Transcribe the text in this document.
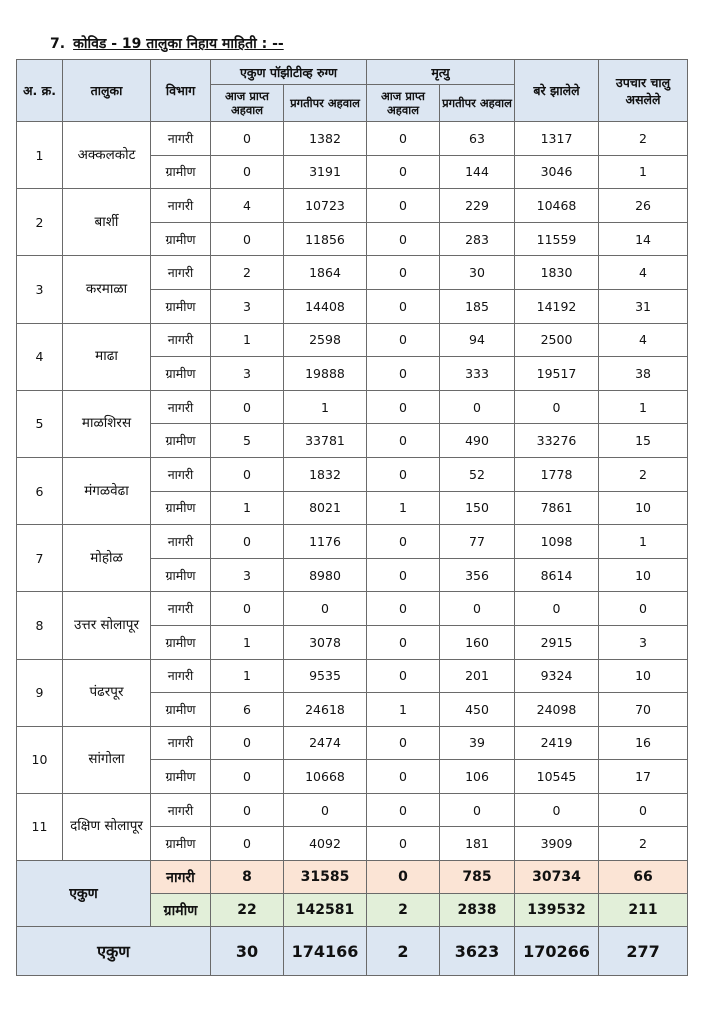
7. कोविड - 19 तालुका निहाय माहिती : --
अ. क्र.	तालुका	विभाग	एकुण पॉझीटीव्ह रुग्ण		मृत्यु		बरे झालेले	उपचार चालु असलेले
			आज प्राप्त अहवाल	प्रगतीपर अहवाल	आज प्राप्त अहवाल	प्रगतीपर अहवाल		
1	अक्कलकोट	नागरी	0	1382	0	63	1317	2
		ग्रामीण	0	3191	0	144	3046	1
2	बार्शी	नागरी	4	10723	0	229	10468	26
		ग्रामीण	0	11856	0	283	11559	14
3	करमाळा	नागरी	2	1864	0	30	1830	4
		ग्रामीण	3	14408	0	185	14192	31
4	माढा	नागरी	1	2598	0	94	2500	4
		ग्रामीण	3	19888	0	333	19517	38
5	माळशिरस	नागरी	0	1	0	0	0	1
		ग्रामीण	5	33781	0	490	33276	15
6	मंगळवेढा	नागरी	0	1832	0	52	1778	2
		ग्रामीण	1	8021	1	150	7861	10
7	मोहोळ	नागरी	0	1176	0	77	1098	1
		ग्रामीण	3	8980	0	356	8614	10
8	उत्तर सोलापूर	नागरी	0	0	0	0	0	0
		ग्रामीण	1	3078	0	160	2915	3
9	पंढरपूर	नागरी	1	9535	0	201	9324	10
		ग्रामीण	6	24618	1	450	24098	70
10	सांगोला	नागरी	0	2474	0	39	2419	16
		ग्रामीण	0	10668	0	106	10545	17
11	दक्षिण सोलापूर	नागरी	0	0	0	0	0	0
		ग्रामीण	0	4092	0	181	3909	2
एकुण		नागरी	8	31585	0	785	30734	66
		ग्रामीण	22	142581	2	2838	139532	211
एकुण			30	174166	2	3623	170266	277
